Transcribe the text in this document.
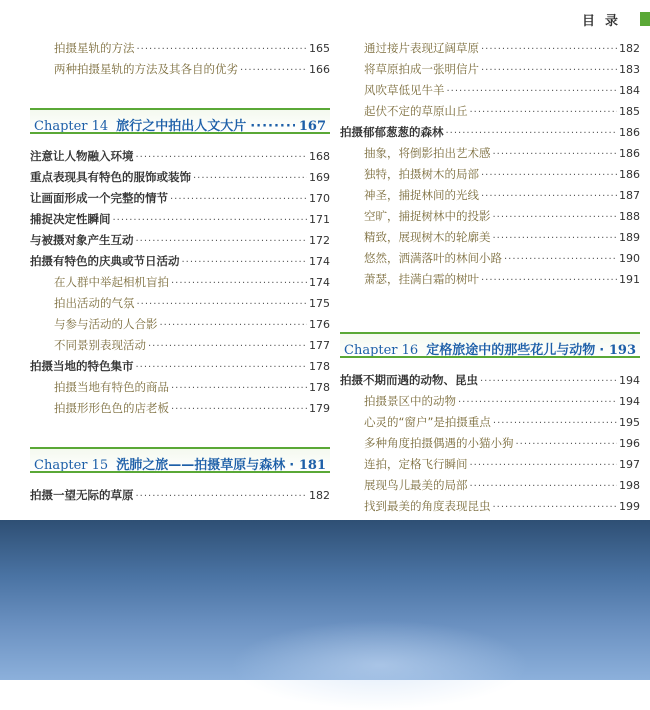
目录
拍摄星轨的方法 ·····	165
两种拍摄星轨的方法及其各自的优劣 ·····	166
Chapter 14 旅行之中拍出人文大片 ·····	167
注意让人物融入环境 ·····	168
重点表现具有特色的服饰或装饰 ·····	169
让画面形成一个完整的情节 ·····	170
捕捉决定性瞬间 ·····	171
与被摄对象产生互动 ·····	172
拍摄有特色的庆典或节日活动 ·····	174
在人群中举起相机盲拍 ·····	174
拍出活动的气氛 ·····	175
与参与活动的人合影 ·····	176
不同景别表现活动 ·····	177
拍摄当地的特色集市 ·····	178
拍摄当地有特色的商品 ·····	178
拍摄形形色色的店老板 ·····	179
Chapter 15 洗肺之旅——拍摄草原与森林 ····· 181
拍摄一望无际的草原 ·····	182
通过接片表现辽阔草原 ·····	182
将草原拍成一张明信片 ·····	183
风吹草低见牛羊 ·····	184
起伏不定的草原山丘 ·····	185
拍摄郁郁葱葱的森林 ·····	186
抽象，将倒影拍出艺术感 ·····	186
独特，拍摄树木的局部 ·····	186
神圣，捕捉林间的光线 ·····	187
空旷，捕捉树林中的投影 ·····	188
精致，展现树木的轮廓美 ·····	189
悠然，洒满落叶的林间小路 ·····	190
萧瑟，挂满白霜的树叶 ·····	191
Chapter 16 定格旅途中的那些花儿与动物 ····· 193
拍摄不期而遇的动物、昆虫 ·····	194
拍摄景区中的动物 ·····	194
心灵的“窗户”是拍摄重点 ·····	195
多种角度拍摄偶遇的小猫小狗 ·····	196
连拍，定格飞行瞬间 ·····	197
展现鸟儿最美的局部 ·····	198
找到最美的角度表现昆虫 ·····	199
·····
